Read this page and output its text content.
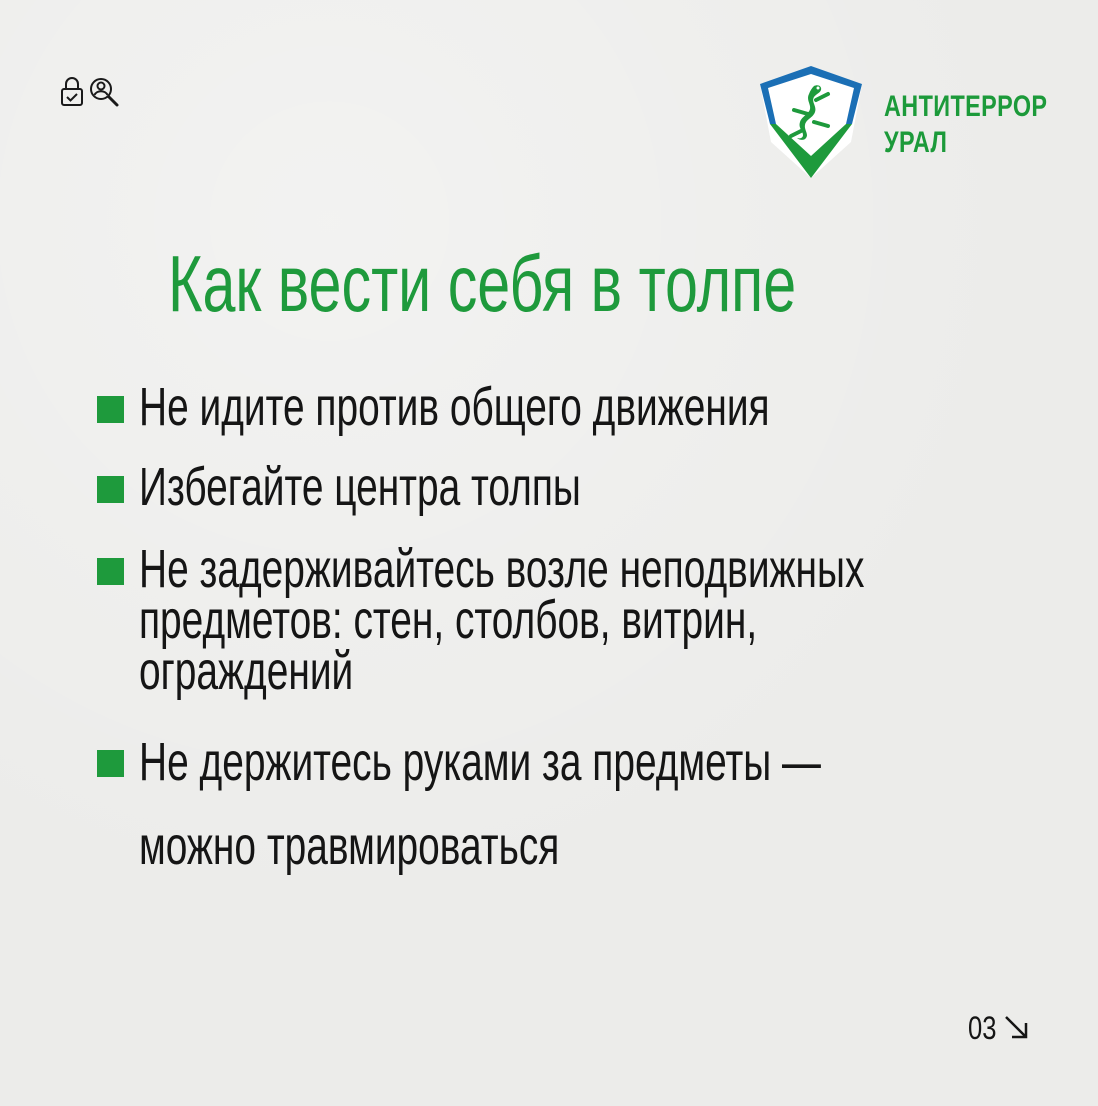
АНТИТЕРРОР
УРАЛ
Как вести себя в толпе
Не идите против общего движения
Избегайте центра толпы
Не задерживайтесь возле неподвижных
предметов: стен, столбов, витрин,
ограждений
Не держитесь руками за предметы —
можно травмироваться
03
